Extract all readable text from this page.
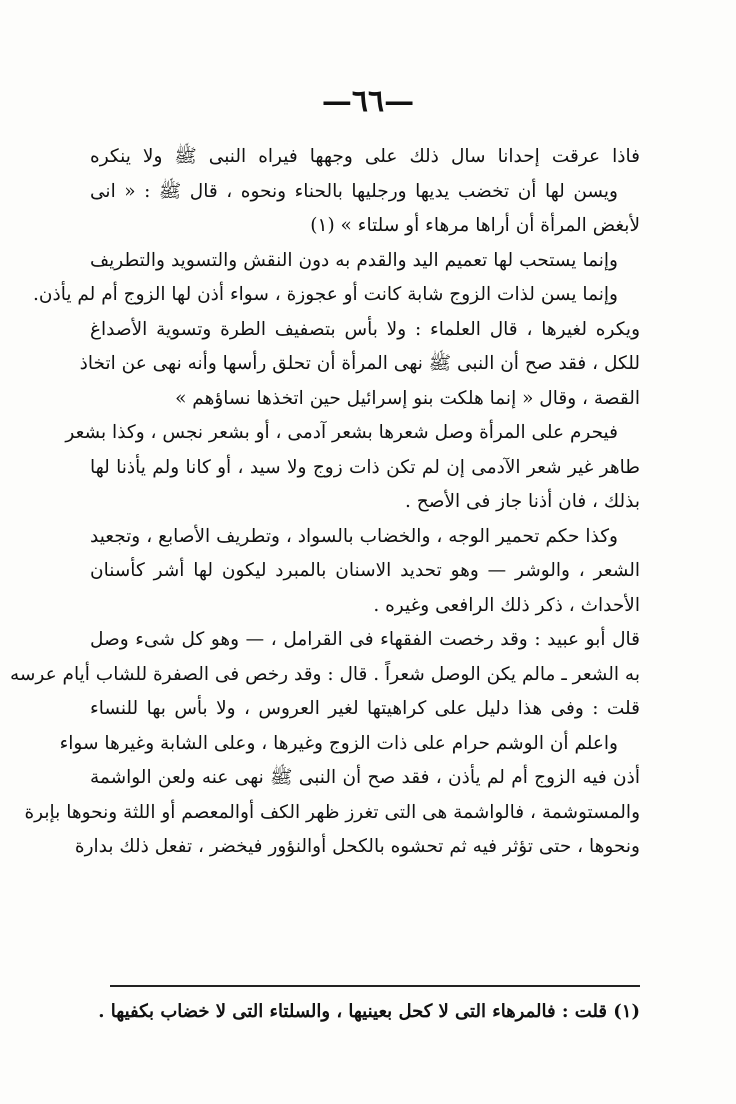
—٦٦—
فاذا عرقت إحدانا سال ذلك على وجهها فيراه النبى ﷺ ولا ينكره
ويسن لها أن تخضب يديها ورجليها بالحناء ونحوه ، قال ﷺ : « انى
لأبغض المرأة أن أراها مرهاء أو سلتاء » (١)
وإنما يستحب لها تعميم اليد والقدم به دون النقش والتسويد والتطريف
وإنما يسن لذات الزوج شابة كانت أو عجوزة ، سواء أذن لها الزوج أم لم يأذن.
ويكره لغيرها ، قال العلماء : ولا بأس بتصفيف الطرة وتسوية الأصداغ
للكل ، فقد صح أن النبى ﷺ نهى المرأة أن تحلق رأسها وأنه نهى عن اتخاذ
القصة ، وقال « إنما هلكت بنو إسرائيل حين اتخذها نساؤهم »
فيحرم على المرأة وصل شعرها بشعر آدمى ، أو بشعر نجس ، وكذا بشعر
طاهر غير شعر الآدمى إن لم تكن ذات زوج ولا سيد ، أو كانا ولم يأذنا لها
بذلك ، فان أذنا جاز فى الأصح .
وكذا حكم تحمير الوجه ، والخضاب بالسواد ، وتطريف الأصابع ، وتجعيد
الشعر ، والوشر — وهو تحديد الاسنان بالمبرد ليكون لها أشر كأسنان
الأحداث ، ذكر ذلك الرافعى وغيره .
قال أبو عبيد : وقد رخصت الفقهاء فى القرامل ، — وهو كل شىء وصل
به الشعر ـ مالم يكن الوصل شعراً . قال : وقد رخص فى الصفرة للشاب أيام عرسه
قلت : وفى هذا دليل على كراهيتها لغير العروس ، ولا بأس بها للنساء
واعلم أن الوشم حرام على ذات الزوج وغيرها ، وعلى الشابة وغيرها سواء
أذن فيه الزوج أم لم يأذن ، فقد صح أن النبى ﷺ نهى عنه ولعن الواشمة
والمستوشمة ، فالواشمة هى التى تغرز ظهر الكف أوالمعصم أو اللثة ونحوها بإبرة
ونحوها ، حتى تؤثر فيه ثم تحشوه بالكحل أوالنؤور فيخضر ، تفعل ذلك بدارة
(١) قلت : فالمرهاء التى لا كحل بعينيها ، والسلتاء التى لا خضاب بكفيها .
